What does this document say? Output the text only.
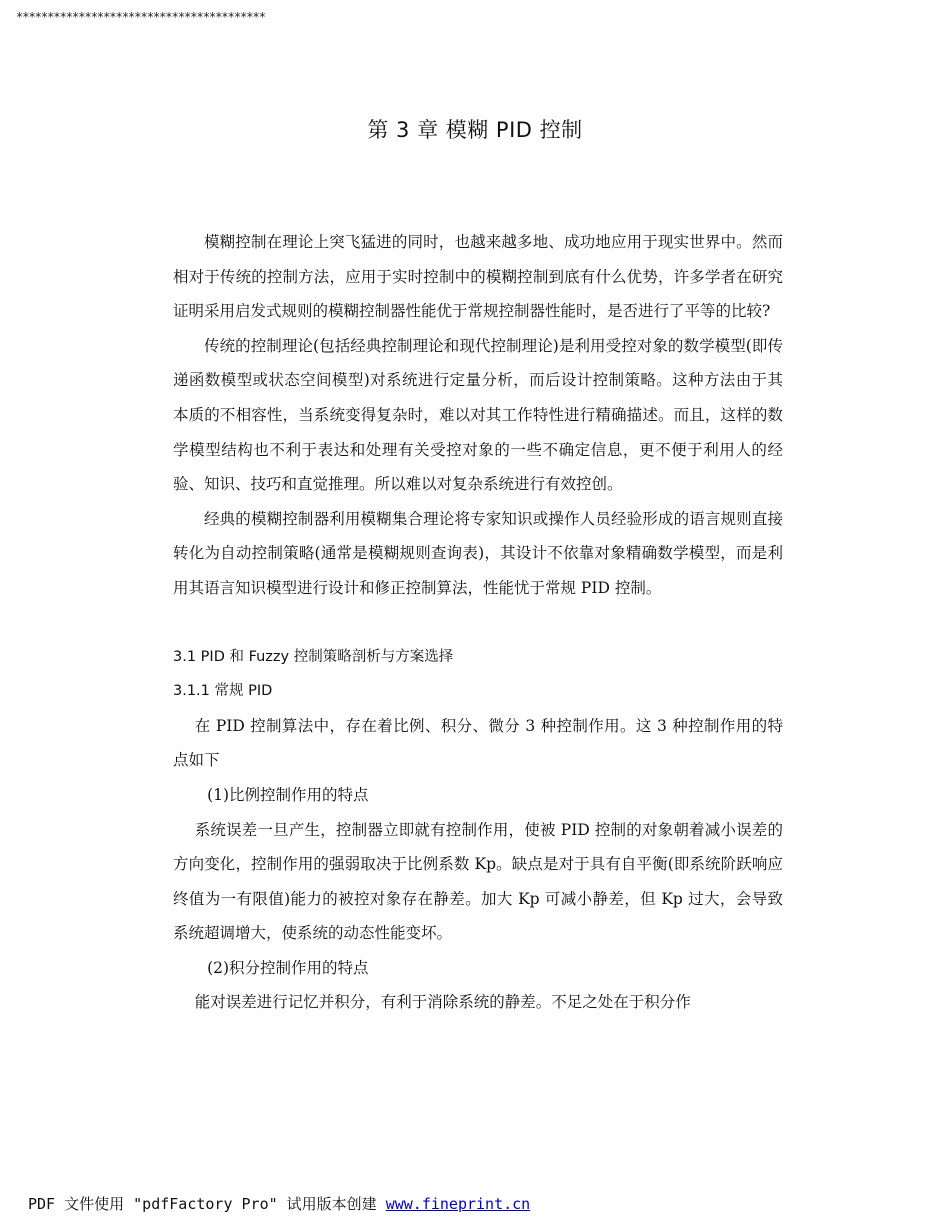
****************************************
第 3 章 模糊 PID 控制

模糊控制在理论上突飞猛进的同时，也越来越多地、成功地应用于现实世界中。然而相对于传统的控制方法，应用于实时控制中的模糊控制到底有什么优势，许多学者在研究证明采用启发式规则的模糊控制器性能优于常规控制器性能时，是否进行了平等的比较?

传统的控制理论(包括经典控制理论和现代控制理论)是利用受控对象的数学模型(即传递函数模型或状态空间模型)对系统进行定量分析，而后设计控制策略。这种方法由于其本质的不相容性，当系统变得复杂时，难以对其工作特性进行精确描述。而且，这样的数学模型结构也不利于表达和处理有关受控对象的一些不确定信息，更不便于利用人的经验、知识、技巧和直觉推理。所以难以对复杂系统进行有效控创。

经典的模糊控制器利用模糊集合理论将专家知识或操作人员经验形成的语言规则直接转化为自动控制策略(通常是模糊规则查询表)，其设计不依靠对象精确数学模型，而是利用其语言知识模型进行设计和修正控制算法，性能忧于常规 PID 控制。

3.1 PID 和 Fuzzy 控制策略剖析与方案选择

3.1.1 常规 PID

在 PID 控制算法中，存在着比例、积分、微分 3 种控制作用。这 3 种控制作用的特点如下

(1)比例控制作用的特点

系统误差一旦产生，控制器立即就有控制作用，使被 PID 控制的对象朝着减小误差的方向变化，控制作用的强弱取决于比例系数 Kp。缺点是对于具有自平衡(即系统阶跃响应终值为一有限值)能力的被控对象存在静差。加大 Kp 可减小静差，但 Kp 过大，会导致系统超调增大，使系统的动态性能变坏。

(2)积分控制作用的特点

能对误差进行记忆并积分，有利于消除系统的静差。不足之处在于积分作

PDF 文件使用 "pdfFactory Pro" 试用版本创建 www.fineprint.cn
